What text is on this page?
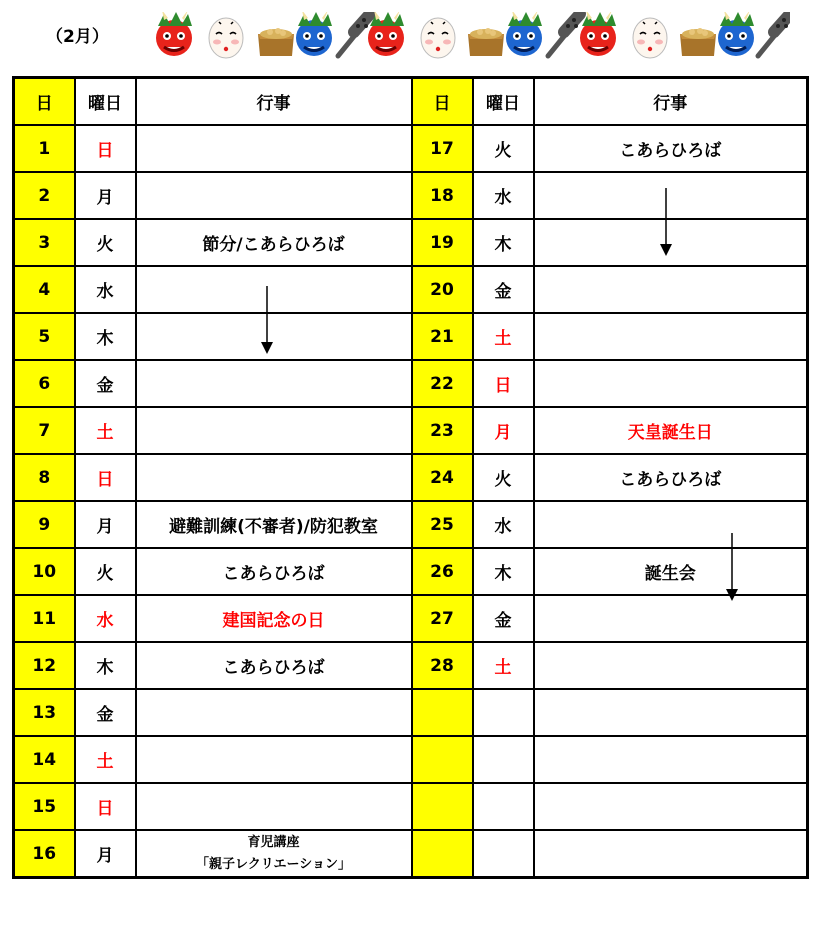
（2月）
日	曜日	行事	日	曜日	行事
1	日		17	火	こあらひろば
2	月		18	水	
3	火	節分/こあらひろば	19	木	
4	水		20	金	
5	木		21	土	
6	金		22	日	
7	土		23	月	天皇誕生日
8	日		24	火	こあらひろば
9	月	避難訓練(不審者)/防犯教室	25	水	
10	火	こあらひろば	26	木	誕生会
11	水	建国記念の日	27	金	
12	木	こあらひろば	28	土	
13	金				
14	土				
15	日				
16	月	育児講座
「親子レクリエーション」			
